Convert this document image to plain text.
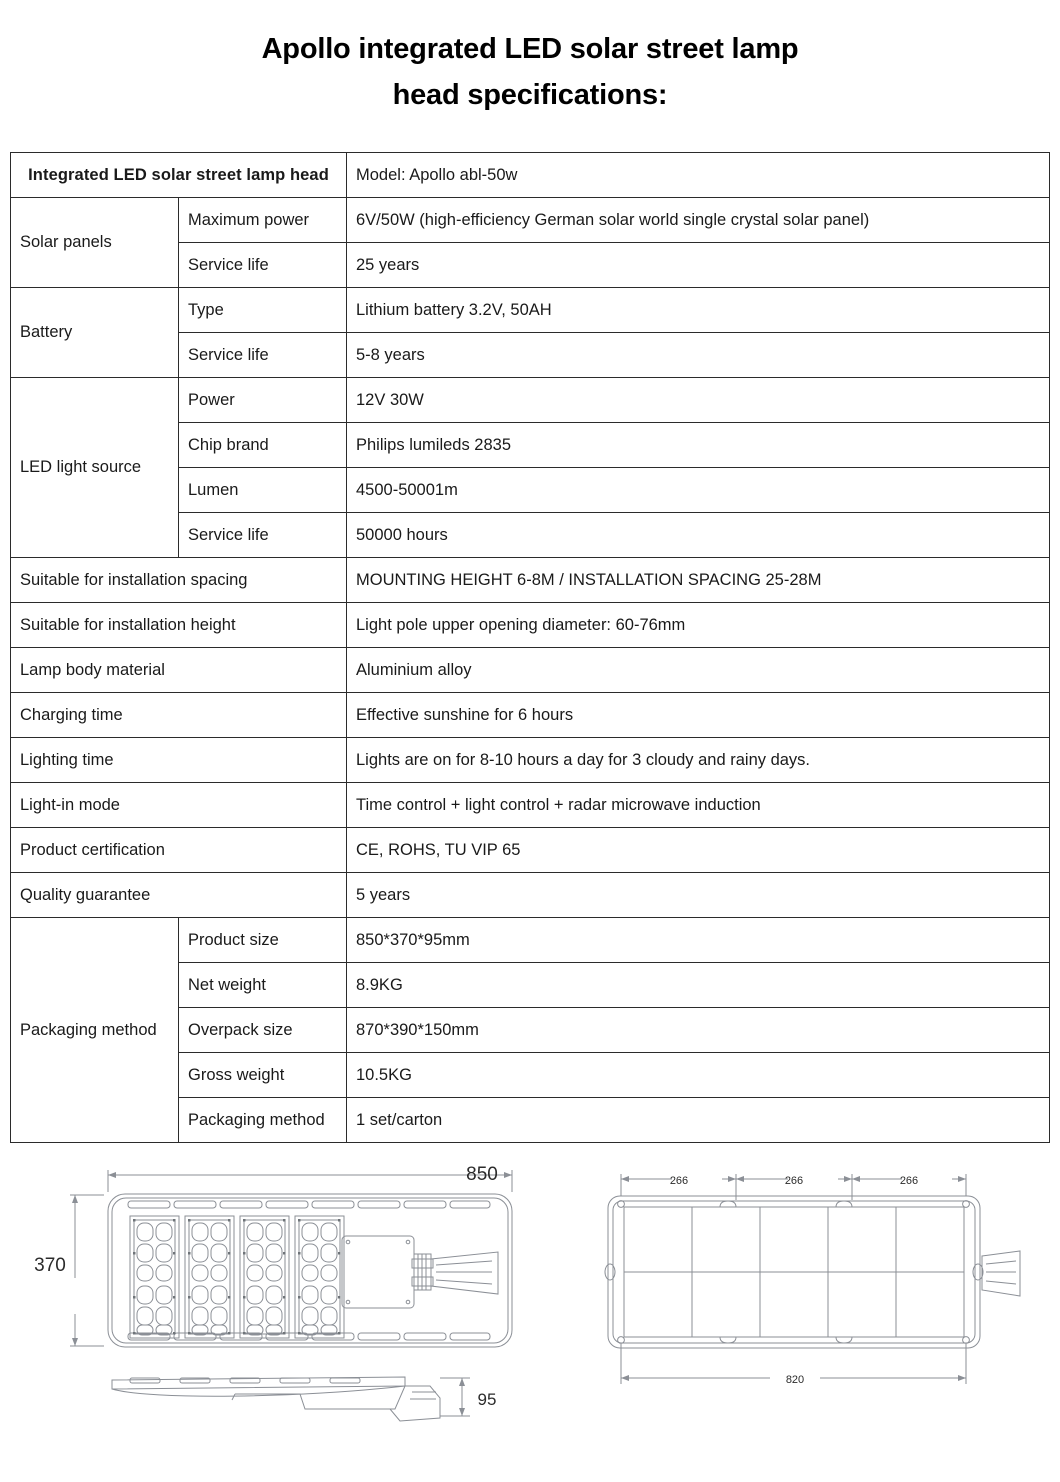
Apollo integrated LED solar street lamp
head specifications:
Integrated LED solar street lamp head		Model: Apollo abl-50w
Solar panels	Maximum power	6V/50W (high-efficiency German solar world single crystal solar panel)
	Service life	25 years
Battery	Type	Lithium battery 3.2V, 50AH
	Service life	5-8 years
LED light source	Power	12V 30W
	Chip brand	Philips lumileds 2835
	Lumen	4500-50001m
	Service life	50000 hours
Suitable for installation spacing		MOUNTING HEIGHT 6-8M / INSTALLATION SPACING 25-28M
Suitable for installation height		Light pole upper opening diameter: 60-76mm
Lamp body material		Aluminium alloy
Charging time		Effective sunshine for 6 hours
Lighting time		Lights are on for 8-10 hours a day for 3 cloudy and rainy days.
Light-in mode		Time control + light control + radar microwave induction
Product certification		CE, ROHS, TU VIP 65
Quality guarantee		5 years
Packaging method	Product size	850*370*95mm
	Net weight	8.9KG
	Overpack size	870*390*150mm
	Gross weight	10.5KG
	Packaging method	1 set/carton
850
370
95
266	266	266
820
